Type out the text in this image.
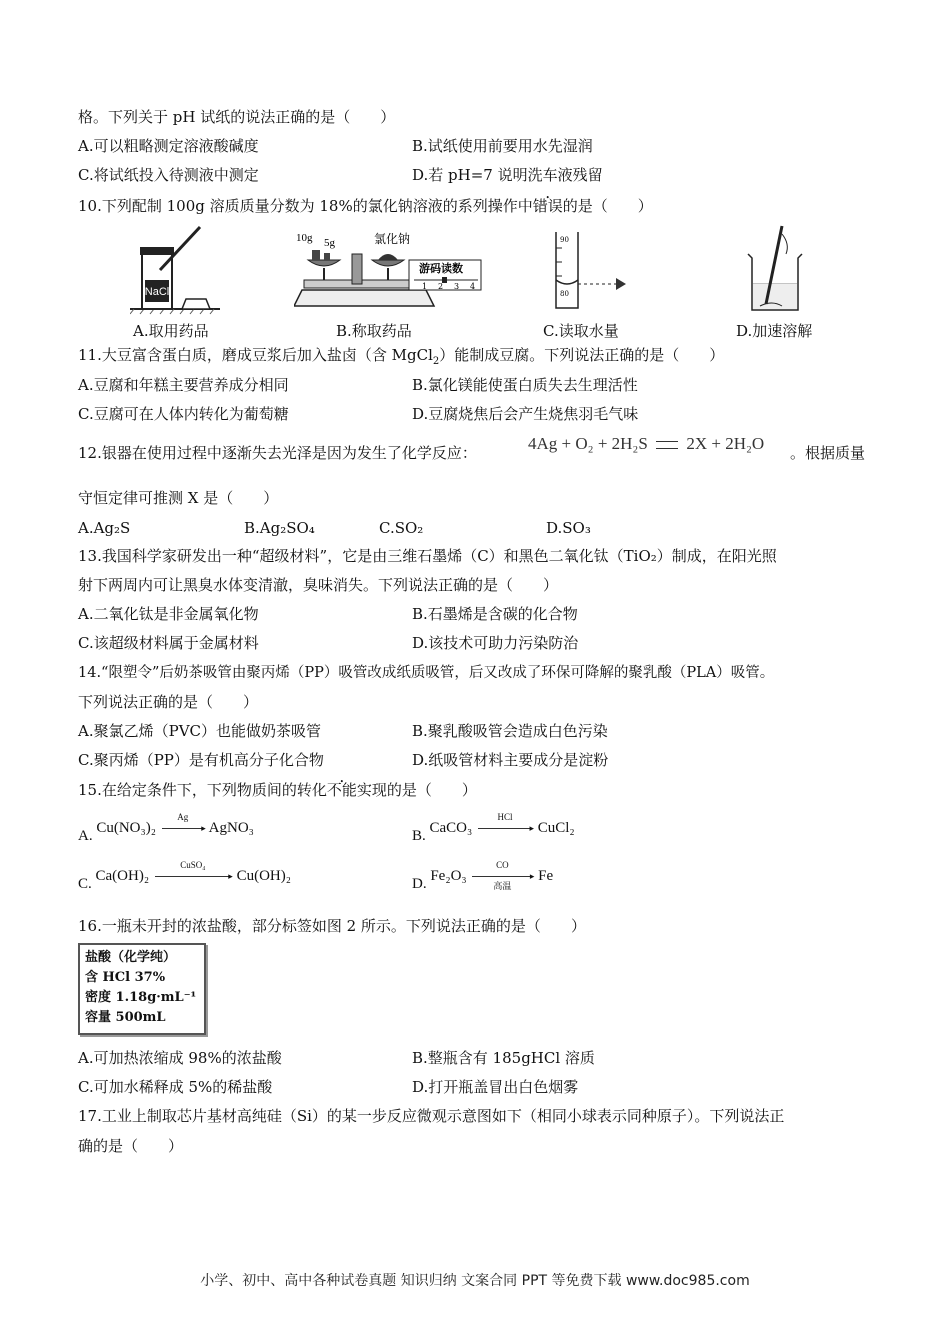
格。下列关于 pH 试纸的说法正确的是（　　）
A.可以粗略测定溶液酸碱度	B.试纸使用前要用水先湿润
C.将试纸投入待测液中测定	D.若 pH=7 说明洗车液残留
10.下列配制 100g 溶质质量分数为 18%的氯化钠溶液的系列操作中错误的是（　　）
NaCl
10g 5g	氯化钠
游码读数
1 2 3 4
90
80
A.取用药品	B.称取药品	C.读取水量	D.加速溶解
11.大豆富含蛋白质，磨成豆浆后加入盐卤（含 MgCl$_2$）能制成豆腐。下列说法正确的是（　　）
A.豆腐和年糕主要营养成分相同	B.氯化镁能使蛋白质失去生理活性
C.豆腐可在人体内转化为葡萄糖	D.豆腐烧焦后会产生烧焦羽毛气味
12.银器在使用过程中逐渐失去光泽是因为发生了化学反应：	4Ag + O₂ + 2H₂S 2X + 2H₂O 。根据质量
守恒定律可推测 X 是（　　）
A.Ag₂S	B.Ag₂SO₄	C.SO₂	D.SO₃
13.我国科学家研发出一种“超级材料”，它是由三维石墨烯（C）和黑色二氧化钛（TiO₂）制成，在阳光照
射下两周内可让黑臭水体变清澈，臭味消失。下列说法正确的是（　　）
A.二氧化钛是非金属氧化物	B.石墨烯是含碳的化合物
C.该超级材料属于金属材料	D.该技术可助力污染防治
14.“限塑令”后奶茶吸管由聚丙烯（PP）吸管改成纸质吸管，后又改成了环保可降解的聚乳酸（PLA）吸管。
下列说法正确的是（　　）
A.聚氯乙烯（PVC）也能做奶茶吸管	B.聚乳酸吸管会造成白色污染
C.聚丙烯（PP）是有机高分子化合物	D.纸吸管材料主要成分是淀粉
15.在给定条件下，下列物质间的转化不能实现的是（　　）
A. Cu(NO₃)₂
Ag
▸ AgNO₃	B. CaCO₃
HCl
▸ CuCl₂
C. Ca(OH)₂
CuSO₄
▸ Cu(OH)₂	D. Fe₂O₃
CO
高温
▸ Fe
16.一瓶未开封的浓盐酸，部分标签如图 2 所示。下列说法正确的是（　　）
盐酸（化学纯）
含 HCl 37%
密度 1.18g·mL⁻¹
容量 500mL
A.可加热浓缩成 98%的浓盐酸	B.整瓶含有 185gHCl 溶质
C.可加水稀释成 5%的稀盐酸	D.打开瓶盖冒出白色烟雾
17.工业上制取芯片基材高纯硅（Si）的某一步反应微观示意图如下（相同小球表示同种原子）。下列说法正
确的是（　　）
小学、初中、高中各种试卷真题 知识归纳 文案合同 PPT 等免费下载 www.doc985.com
